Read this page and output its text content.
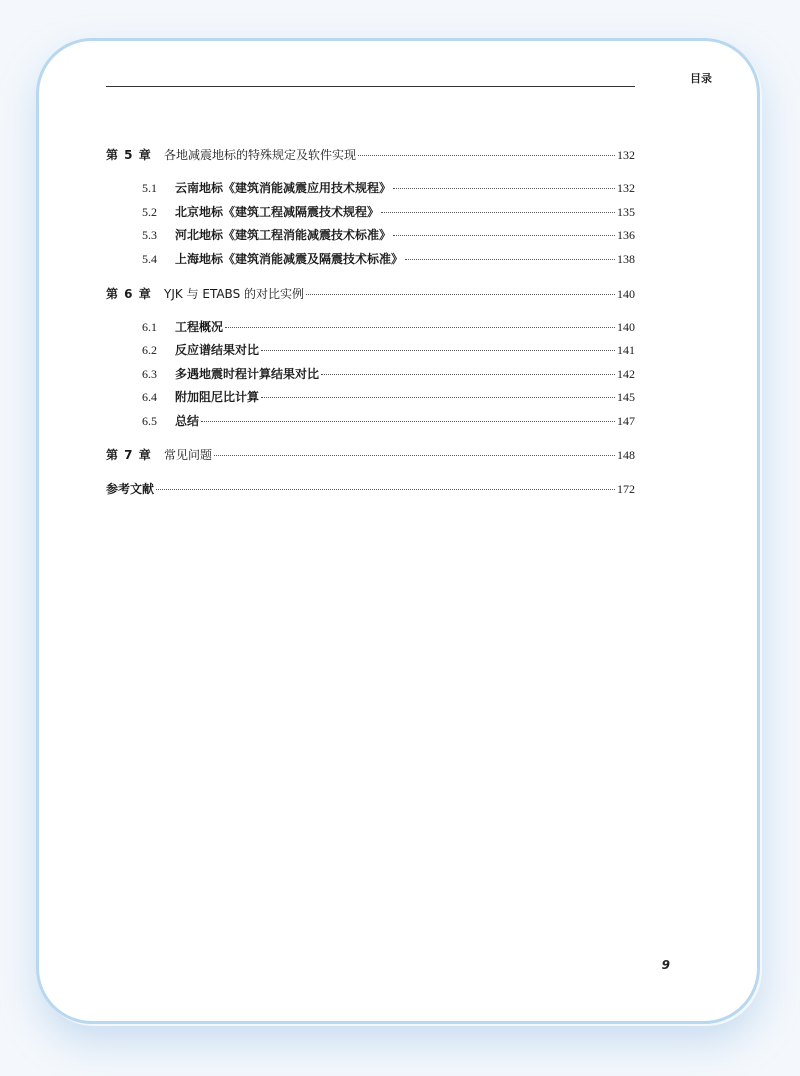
目录
第 5 章	各地减震地标的特殊规定及软件实现	132
5.1	云南地标《建筑消能减震应用技术规程》	132
5.2	北京地标《建筑工程减隔震技术规程》	135
5.3	河北地标《建筑工程消能减震技术标准》	136
5.4	上海地标《建筑消能减震及隔震技术标准》	138
第 6 章	YJK 与 ETABS 的对比实例	140
6.1	工程概况	140
6.2	反应谱结果对比	141
6.3	多遇地震时程计算结果对比	142
6.4	附加阻尼比计算	145
6.5	总结	147
第 7 章	常见问题	148
参考文献	172
9
